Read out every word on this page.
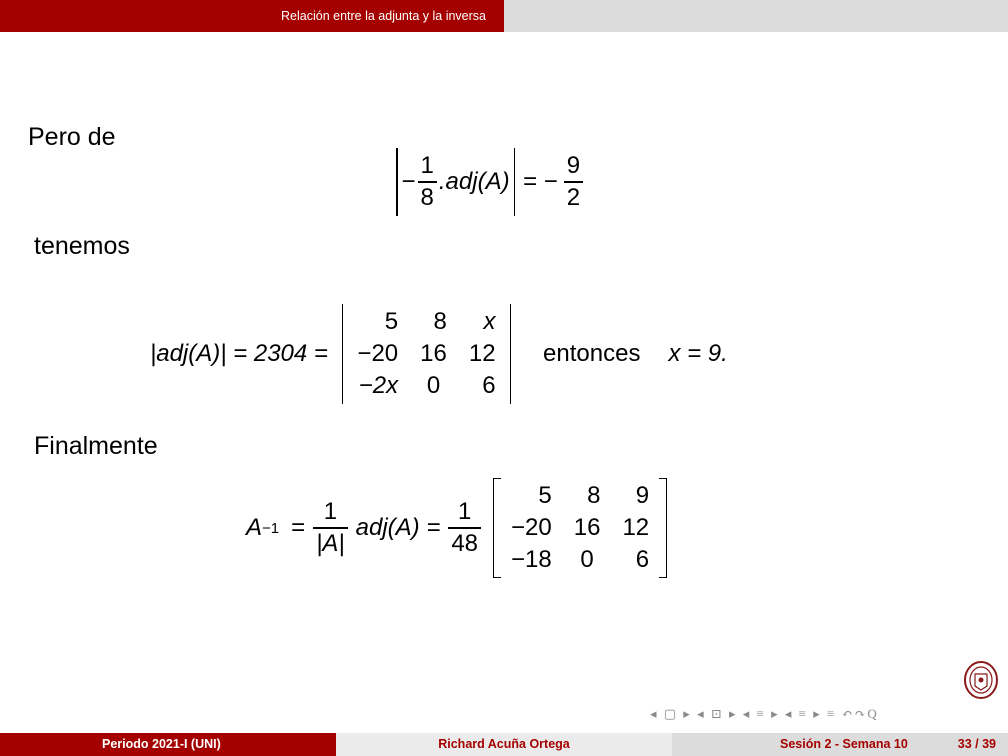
Relación entre la adjunta y la inversa
Pero de
− $\frac{1}{8} .adj(A)$ = − $\frac{9}{2}$
tenemos
|adj(A)| = 2304 =
5	8	x
−20 16 12
−2x 0	6
entonces x = 9.
Finalmente
$A -1 = \frac{1}{|A|} adj(A) = \frac{1}{48}$
5	8	9
−20 16 12
−18 0	6
◂ ▢ ▸ ◂ ⊡ ▸ ◂ ≡ ▸ ◂ ≡ ▸ ≡ ↶↷Q
Periodo 2021-I (UNI)	Richard Acuña Ortega	Sesión 2 - Semana 10	33 / 39
